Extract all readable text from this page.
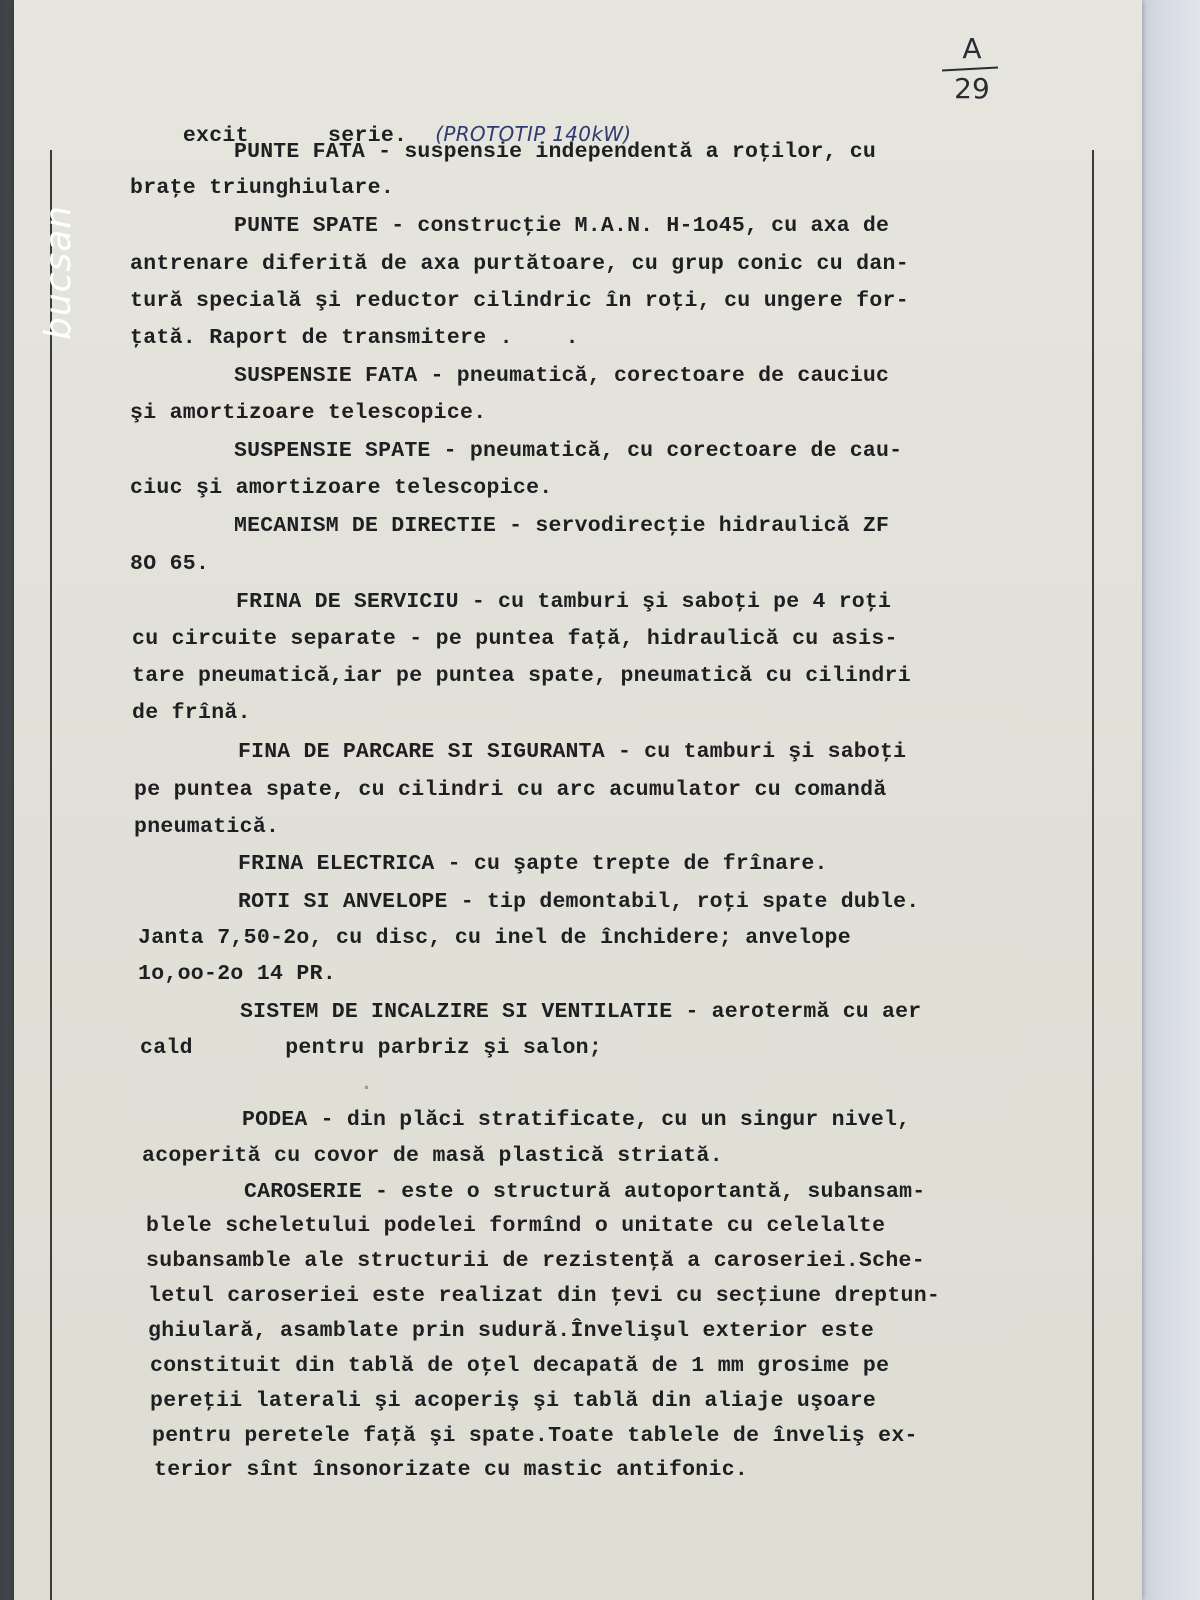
bucsan
A
29

excit      serie. (PROTOTIP 140kW)

PUNTE FATA - suspensie independentă a roţilor, cu
braţe triunghiulare.
PUNTE SPATE - construcţie M.A.N. H-1o45, cu axa de
antrenare diferită de axa purtătoare, cu grup conic cu dan-
tură specială şi reductor cilindric în roţi, cu ungere for-
ţată. Raport de transmitere .    .
SUSPENSIE FATA - pneumatică, corectoare de cauciuc
şi amortizoare telescopice.
SUSPENSIE SPATE - pneumatică, cu corectoare de cau-
ciuc şi amortizoare telescopice.
MECANISM DE DIRECTIE - servodirecţie hidraulică ZF
8O 65.
FRINA DE SERVICIU - cu tamburi şi saboţi pe 4 roţi
cu circuite separate - pe puntea faţă, hidraulică cu asis-
tare pneumatică,iar pe puntea spate, pneumatică cu cilindri
de frînă.
FINA DE PARCARE SI SIGURANTA - cu tamburi şi saboţi
pe puntea spate, cu cilindri cu arc acumulator cu comandă
pneumatică.
FRINA ELECTRICA - cu şapte trepte de frînare.
ROTI SI ANVELOPE - tip demontabil, roţi spate duble.
Janta 7,50-2o, cu disc, cu inel de închidere; anvelope
1o,oo-2o 14 PR.
SISTEM DE INCALZIRE SI VENTILATIE - aerotermă cu aer
cald       pentru parbriz şi salon;
.
PODEA - din plăci stratificate, cu un singur nivel,
acoperită cu covor de masă plastică striată.
CAROSERIE - este o structură autoportantă, subansam-
blele scheletului podelei formînd o unitate cu celelalte
subansamble ale structurii de rezistenţă a caroseriei.Sche-
letul caroseriei este realizat din ţevi cu secţiune dreptun-
ghiulară, asamblate prin sudură.Învelişul exterior este
constituit din tablă de oţel decapată de 1 mm grosime pe
pereţii laterali şi acoperiş şi tablă din aliaje uşoare
pentru peretele faţă şi spate.Toate tablele de înveliş ex-
terior sînt însonorizate cu mastic antifonic.
